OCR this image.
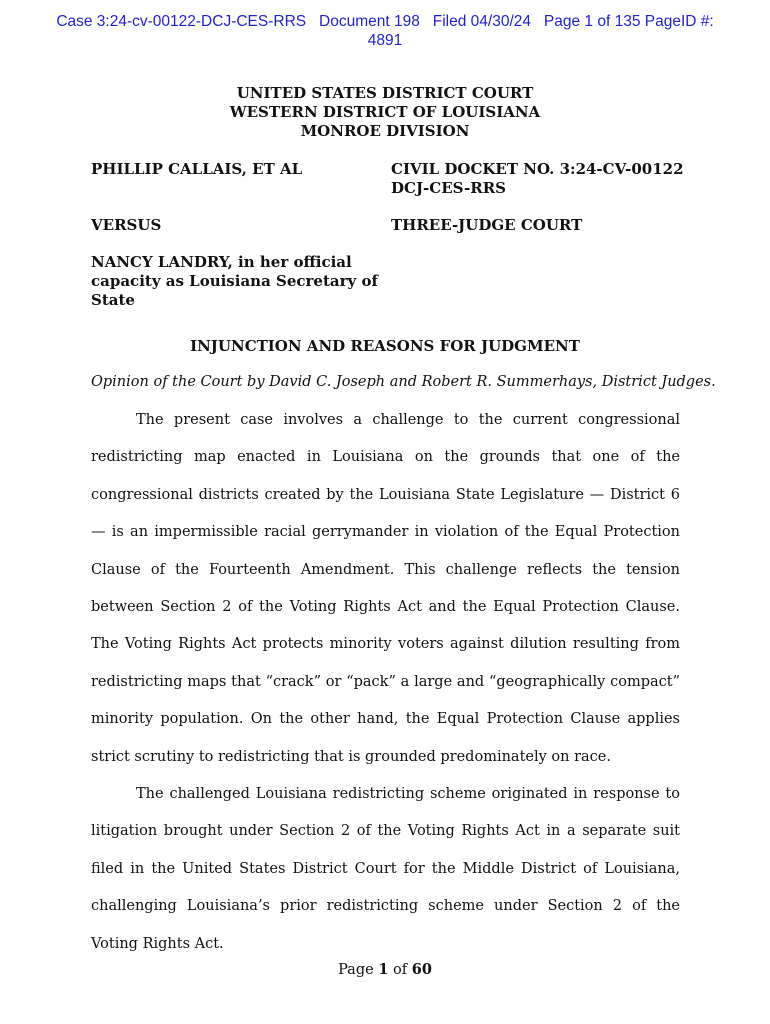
Case 3:24-cv-00122-DCJ-CES-RRS   Document 198   Filed 04/30/24   Page 1 of 135 PageID #:
4891
UNITED STATES DISTRICT COURT
WESTERN DISTRICT OF LOUISIANA
MONROE DIVISION
PHILLIP CALLAIS, ET AL	CIVIL DOCKET NO. 3:24-CV-00122
DCJ-CES-RRS
VERSUS	THREE-JUDGE COURT
NANCY LANDRY, in her official
capacity as Louisiana Secretary of
State
INJUNCTION AND REASONS FOR JUDGMENT
Opinion of the Court by David C. Joseph and Robert R. Summerhays, District Judges.

The present case involves a challenge to the current congressional redistricting map enacted in Louisiana on the grounds that one of the congressional districts created by the Louisiana State Legislature — District 6 — is an impermissible racial gerrymander in violation of the Equal Protection Clause of the Fourteenth Amendment. This challenge reflects the tension between Section 2 of the Voting Rights Act and the Equal Protection Clause. The Voting Rights Act protects minority voters against dilution resulting from redistricting maps that “crack” or “pack” a large and “geographically compact” minority population. On the other hand, the Equal Protection Clause applies strict scrutiny to redistricting that is grounded predominately on race.

The challenged Louisiana redistricting scheme originated in response to litigation brought under Section 2 of the Voting Rights Act in a separate suit filed in the United States District Court for the Middle District of Louisiana, challenging Louisiana’s prior redistricting scheme under Section 2 of the Voting Rights Act.

Page 1 of 60
